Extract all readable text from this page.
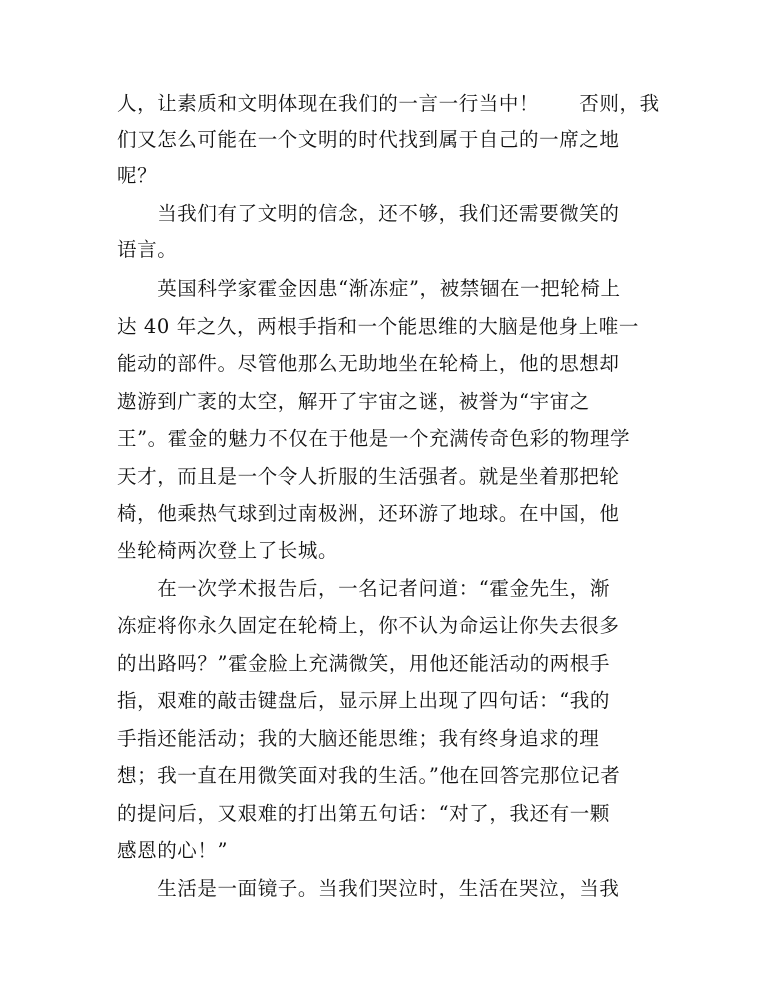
人，让素质和文明体现在我们的一言一行当中！　　否则，我
们又怎么可能在一个文明的时代找到属于自己的一席之地
呢？
　　当我们有了文明的信念，还不够，我们还需要微笑的
语言。
　　英国科学家霍金因患“渐冻症”，被禁锢在一把轮椅上
达 40 年之久，两根手指和一个能思维的大脑是他身上唯一
能动的部件。尽管他那么无助地坐在轮椅上，他的思想却
遨游到广袤的太空，解开了宇宙之谜，被誉为“宇宙之
王”。霍金的魅力不仅在于他是一个充满传奇色彩的物理学
天才，而且是一个令人折服的生活强者。就是坐着那把轮
椅，他乘热气球到过南极洲，还环游了地球。在中国，他
坐轮椅两次登上了长城。
　　在一次学术报告后，一名记者问道：“霍金先生，渐
冻症将你永久固定在轮椅上，你不认为命运让你失去很多
的出路吗？”霍金脸上充满微笑，用他还能活动的两根手
指，艰难的敲击键盘后，显示屏上出现了四句话：“我的
手指还能活动；我的大脑还能思维；我有终身追求的理
想；我一直在用微笑面对我的生活。”他在回答完那位记者
的提问后，又艰难的打出第五句话：“对了，我还有一颗
感恩的心！”
　　生活是一面镜子。当我们哭泣时，生活在哭泣，当我
